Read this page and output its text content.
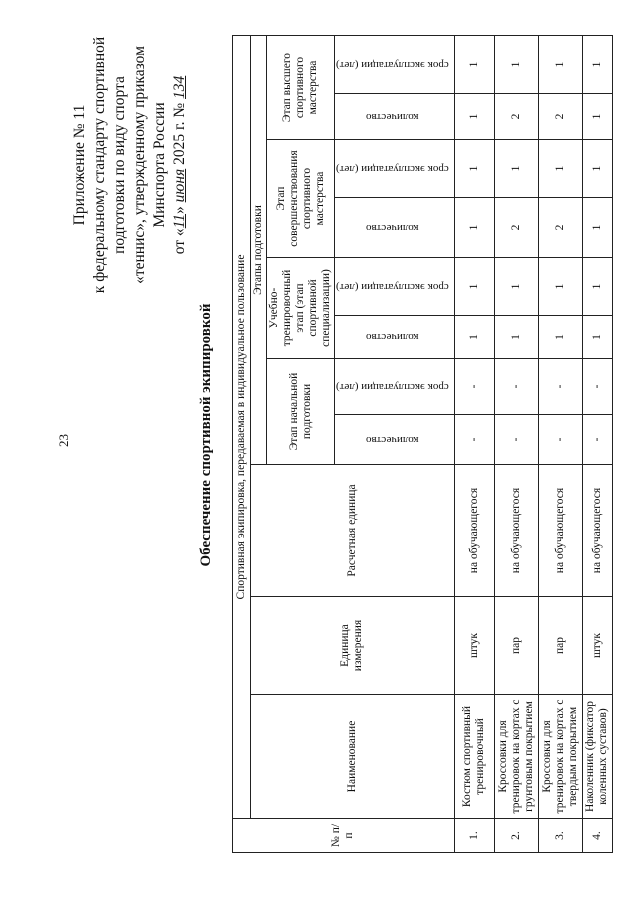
23
Приложение № 11 к федеральному стандарту спортивной подготовки по виду спорта «теннис», утвержденному приказом Минспорта России
от «11» июня 2025 г. № 134
Обеспечение спортивной экипировкой
№ п/п	Спортивная экипировка, передаваемая в индивидуальное пользование										
	Наименование	Единица измерения	Расчетная единица	Этапы подготовки							
				Этап начальной подготовки		Учебно-тренировочный этап (этап спортивной специализации)		Этап совершенствования спортивного мастерства		Этап высшего спортивного мастерства	
				количество	срок эксплуатации (лет)	количество	срок эксплуатации (лет)	количество	срок эксплуатации (лет)	количество	срок эксплуатации (лет)
1.	Костюм спортивный тренировочный	штук	на обучающегося	-	-	1	1	1	1	1	1
2.	Кроссовки для тренировок на кортах с грунтовым покрытием	пар	на обучающегося	-	-	1	1	2	1	2	1
3.	Кроссовки для тренировок на кортах с твердым покрытием	пар	на обучающегося	-	-	1	1	2	1	2	1
4.	Наколенник (фиксатор коленных суставов)	штук	на обучающегося	-	-	1	1	1	1	1	1
